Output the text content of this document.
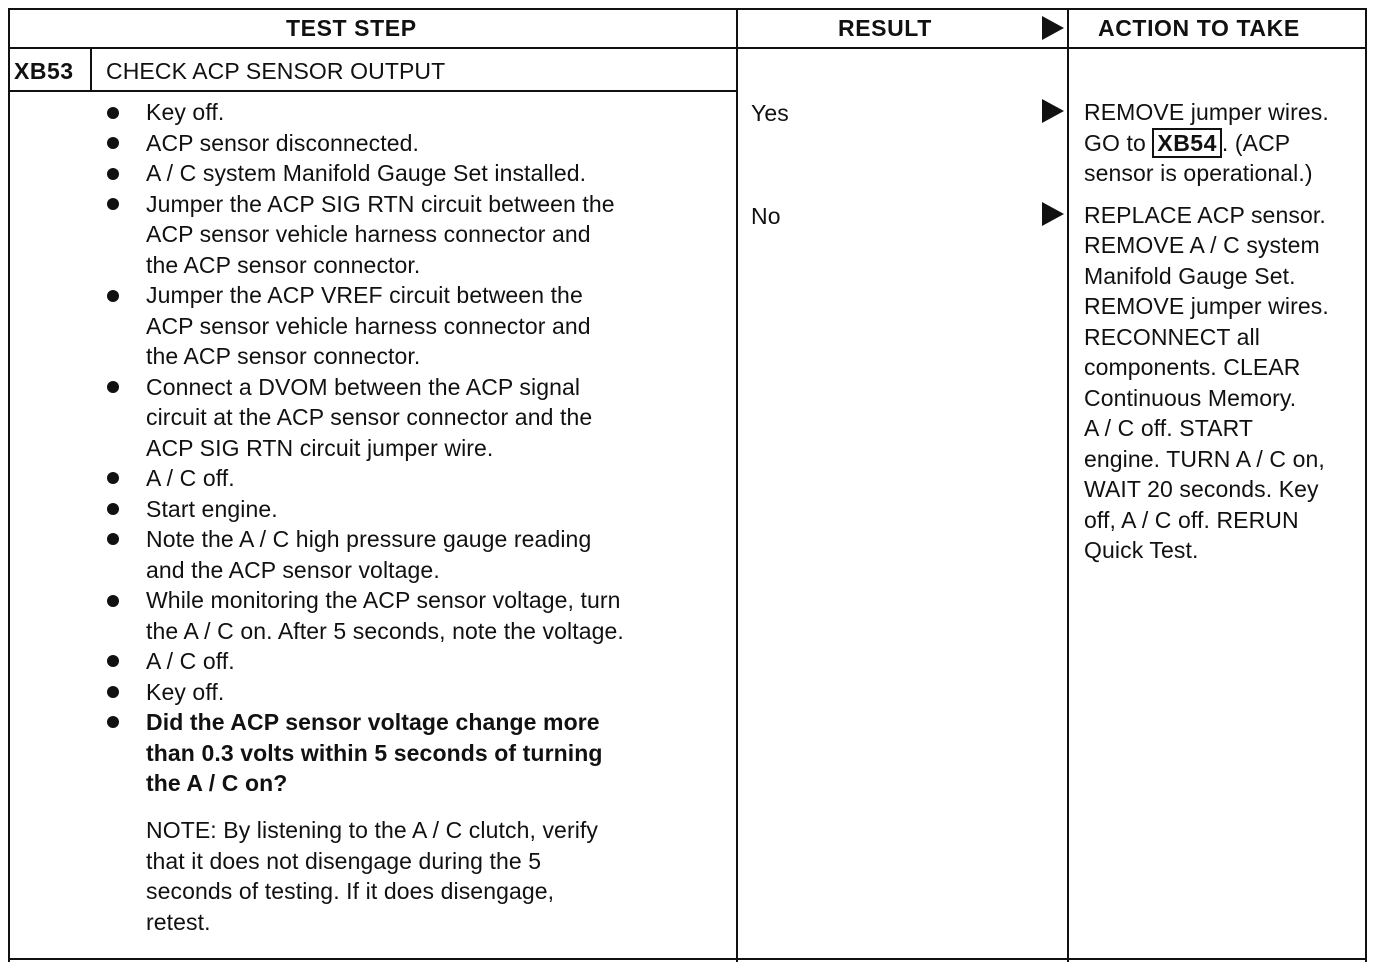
TEST STEP	RESULT	ACTION TO TAKE
XB53 CHECK ACP SENSOR OUTPUT
Key off.
ACP sensor disconnected.
A / C system Manifold Gauge Set installed.
Jumper the ACP SIG RTN circuit between the
ACP sensor vehicle harness connector and
the ACP sensor connector.
Jumper the ACP VREF circuit between the
ACP sensor vehicle harness connector and
the ACP sensor connector.
Connect a DVOM between the ACP signal
circuit at the ACP sensor connector and the
ACP SIG RTN circuit jumper wire.
A / C off.
Start engine.
Note the A / C high pressure gauge reading
and the ACP sensor voltage.
While monitoring the ACP sensor voltage, turn
the A / C on. After 5 seconds, note the voltage.
A / C off.
Key off.
Did the ACP sensor voltage change more
than 0.3 volts within 5 seconds of turning
the A / C on?
NOTE: By listening to the A / C clutch, verify
that it does not disengage during the 5
seconds of testing. If it does disengage,
retest.
Yes
No
REMOVE jumper wires.
GO to XB54 . (ACP
sensor is operational.)
REPLACE ACP sensor.
REMOVE A / C system
Manifold Gauge Set.
REMOVE jumper wires.
RECONNECT all
components. CLEAR
Continuous Memory.
A / C off. START
engine. TURN A / C on,
WAIT 20 seconds. Key
off, A / C off. RERUN
Quick Test.
